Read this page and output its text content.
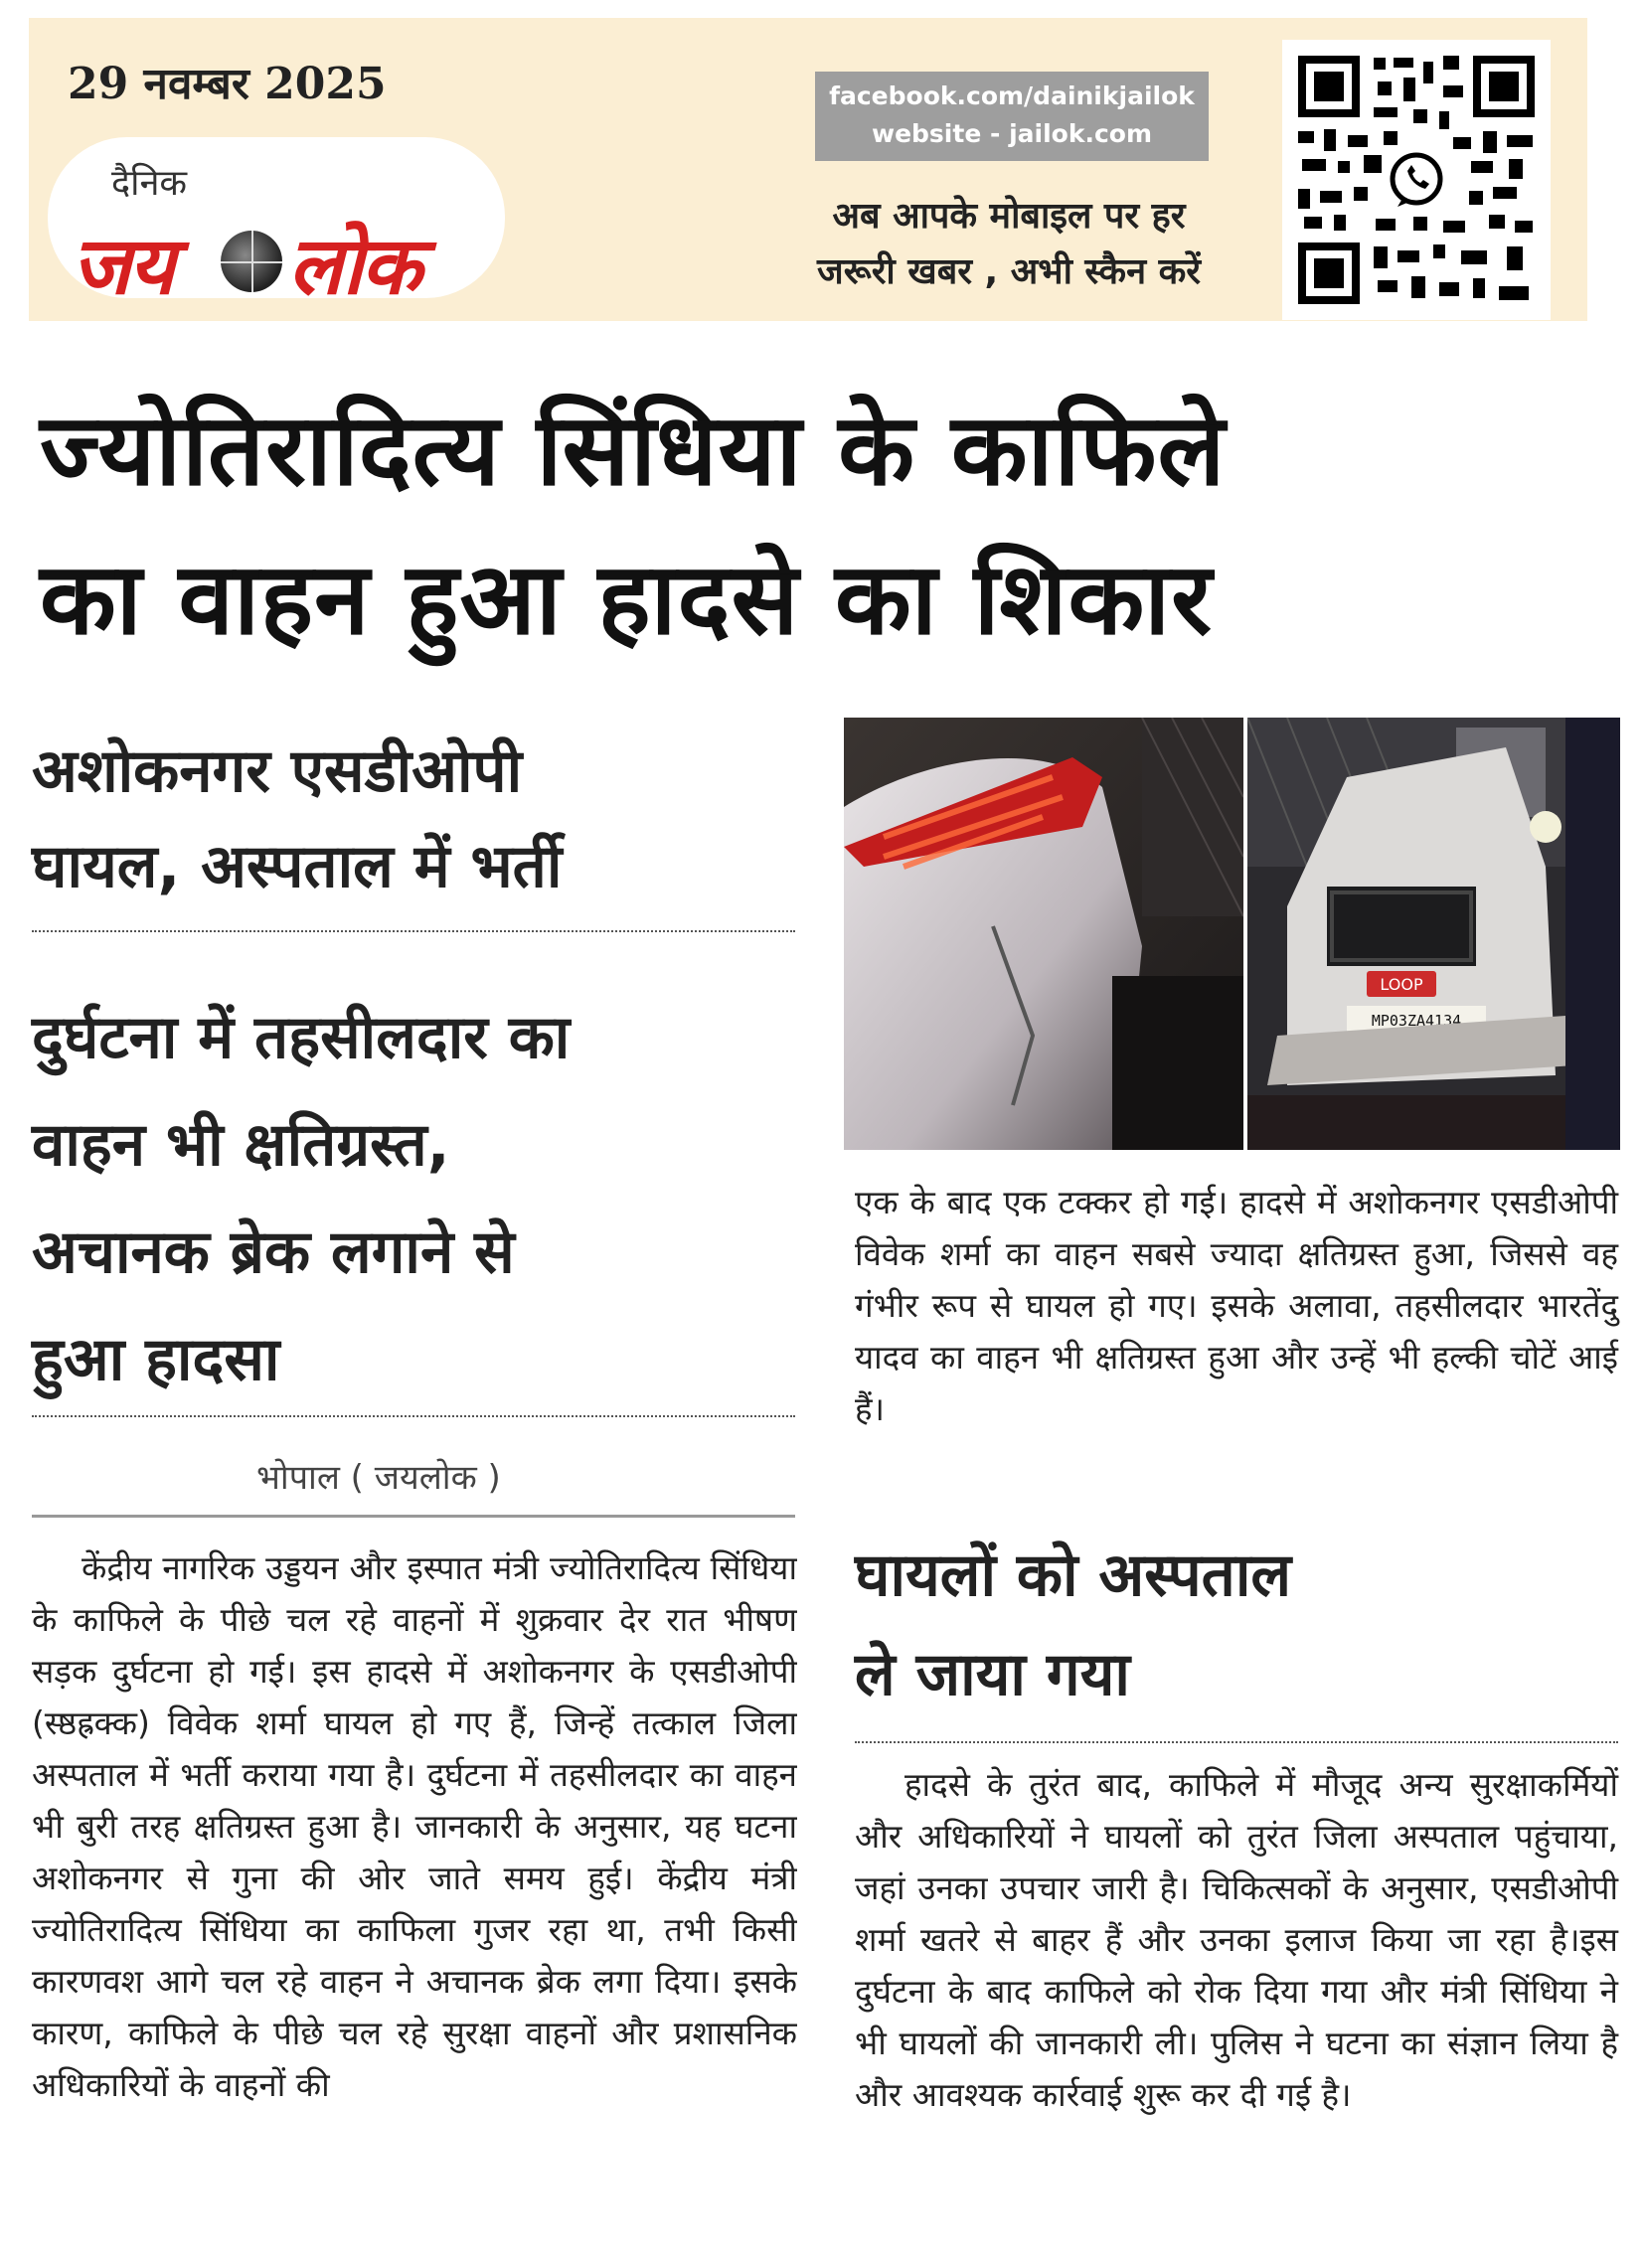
29 नवम्बर 2025
दैनिक
जय लोक
facebook.com/dainikjailok
website - jailok.com
अब आपके मोबाइल पर हर
जरूरी खबर , अभी स्कैन करें
ज्योतिरादित्य सिंधिया के काफिले
का वाहन हुआ हादसे का शिकार
अशोकनगर एसडीओपी
घायल, अस्पताल में भर्ती
दुर्घटना में तहसीलदार का
वाहन भी क्षतिग्रस्त,
अचानक ब्रेक लगाने से
हुआ हादसा
भोपाल ( जयलोक )
केंद्रीय नागरिक उड्डयन और इस्पात मंत्री ज्योतिरादित्य सिंधिया के काफिले के पीछे चल रहे वाहनों में शुक्रवार देर रात भीषण सड़क दुर्घटना हो गई। इस हादसे में अशोकनगर के एसडीओपी (स्ष्ठह्रक्क) विवेक शर्मा घायल हो गए हैं, जिन्हें तत्काल जिला अस्पताल में भर्ती कराया गया है। दुर्घटना में तहसीलदार का वाहन भी बुरी तरह क्षतिग्रस्त हुआ है। जानकारी के अनुसार, यह घटना अशोकनगर से गुना की ओर जाते समय हुई। केंद्रीय मंत्री ज्योतिरादित्य सिंधिया का काफिला गुजर रहा था, तभी किसी कारणवश आगे चल रहे वाहन ने अचानक ब्रेक लगा दिया। इसके कारण, काफिले के पीछे चल रहे सुरक्षा वाहनों और प्रशासनिक अधिकारियों के वाहनों की
LOOP
MP03ZA4134
एक के बाद एक टक्कर हो गई। हादसे में अशोकनगर एसडीओपी विवेक शर्मा का वाहन सबसे ज्यादा क्षतिग्रस्त हुआ, जिससे वह गंभीर रूप से घायल हो गए। इसके अलावा, तहसीलदार भारतेंदु यादव का वाहन भी क्षतिग्रस्त हुआ और उन्हें भी हल्की चोटें आई हैं।
घायलों को अस्पताल
ले जाया गया
हादसे के तुरंत बाद, काफिले में मौजूद अन्य सुरक्षाकर्मियों और अधिकारियों ने घायलों को तुरंत जिला अस्पताल पहुंचाया, जहां उनका उपचार जारी है। चिकित्सकों के अनुसार, एसडीओपी शर्मा खतरे से बाहर हैं और उनका इलाज किया जा रहा है।इस दुर्घटना के बाद काफिले को रोक दिया गया और मंत्री सिंधिया ने भी घायलों की जानकारी ली। पुलिस ने घटना का संज्ञान लिया है और आवश्यक कार्रवाई शुरू कर दी गई है।
